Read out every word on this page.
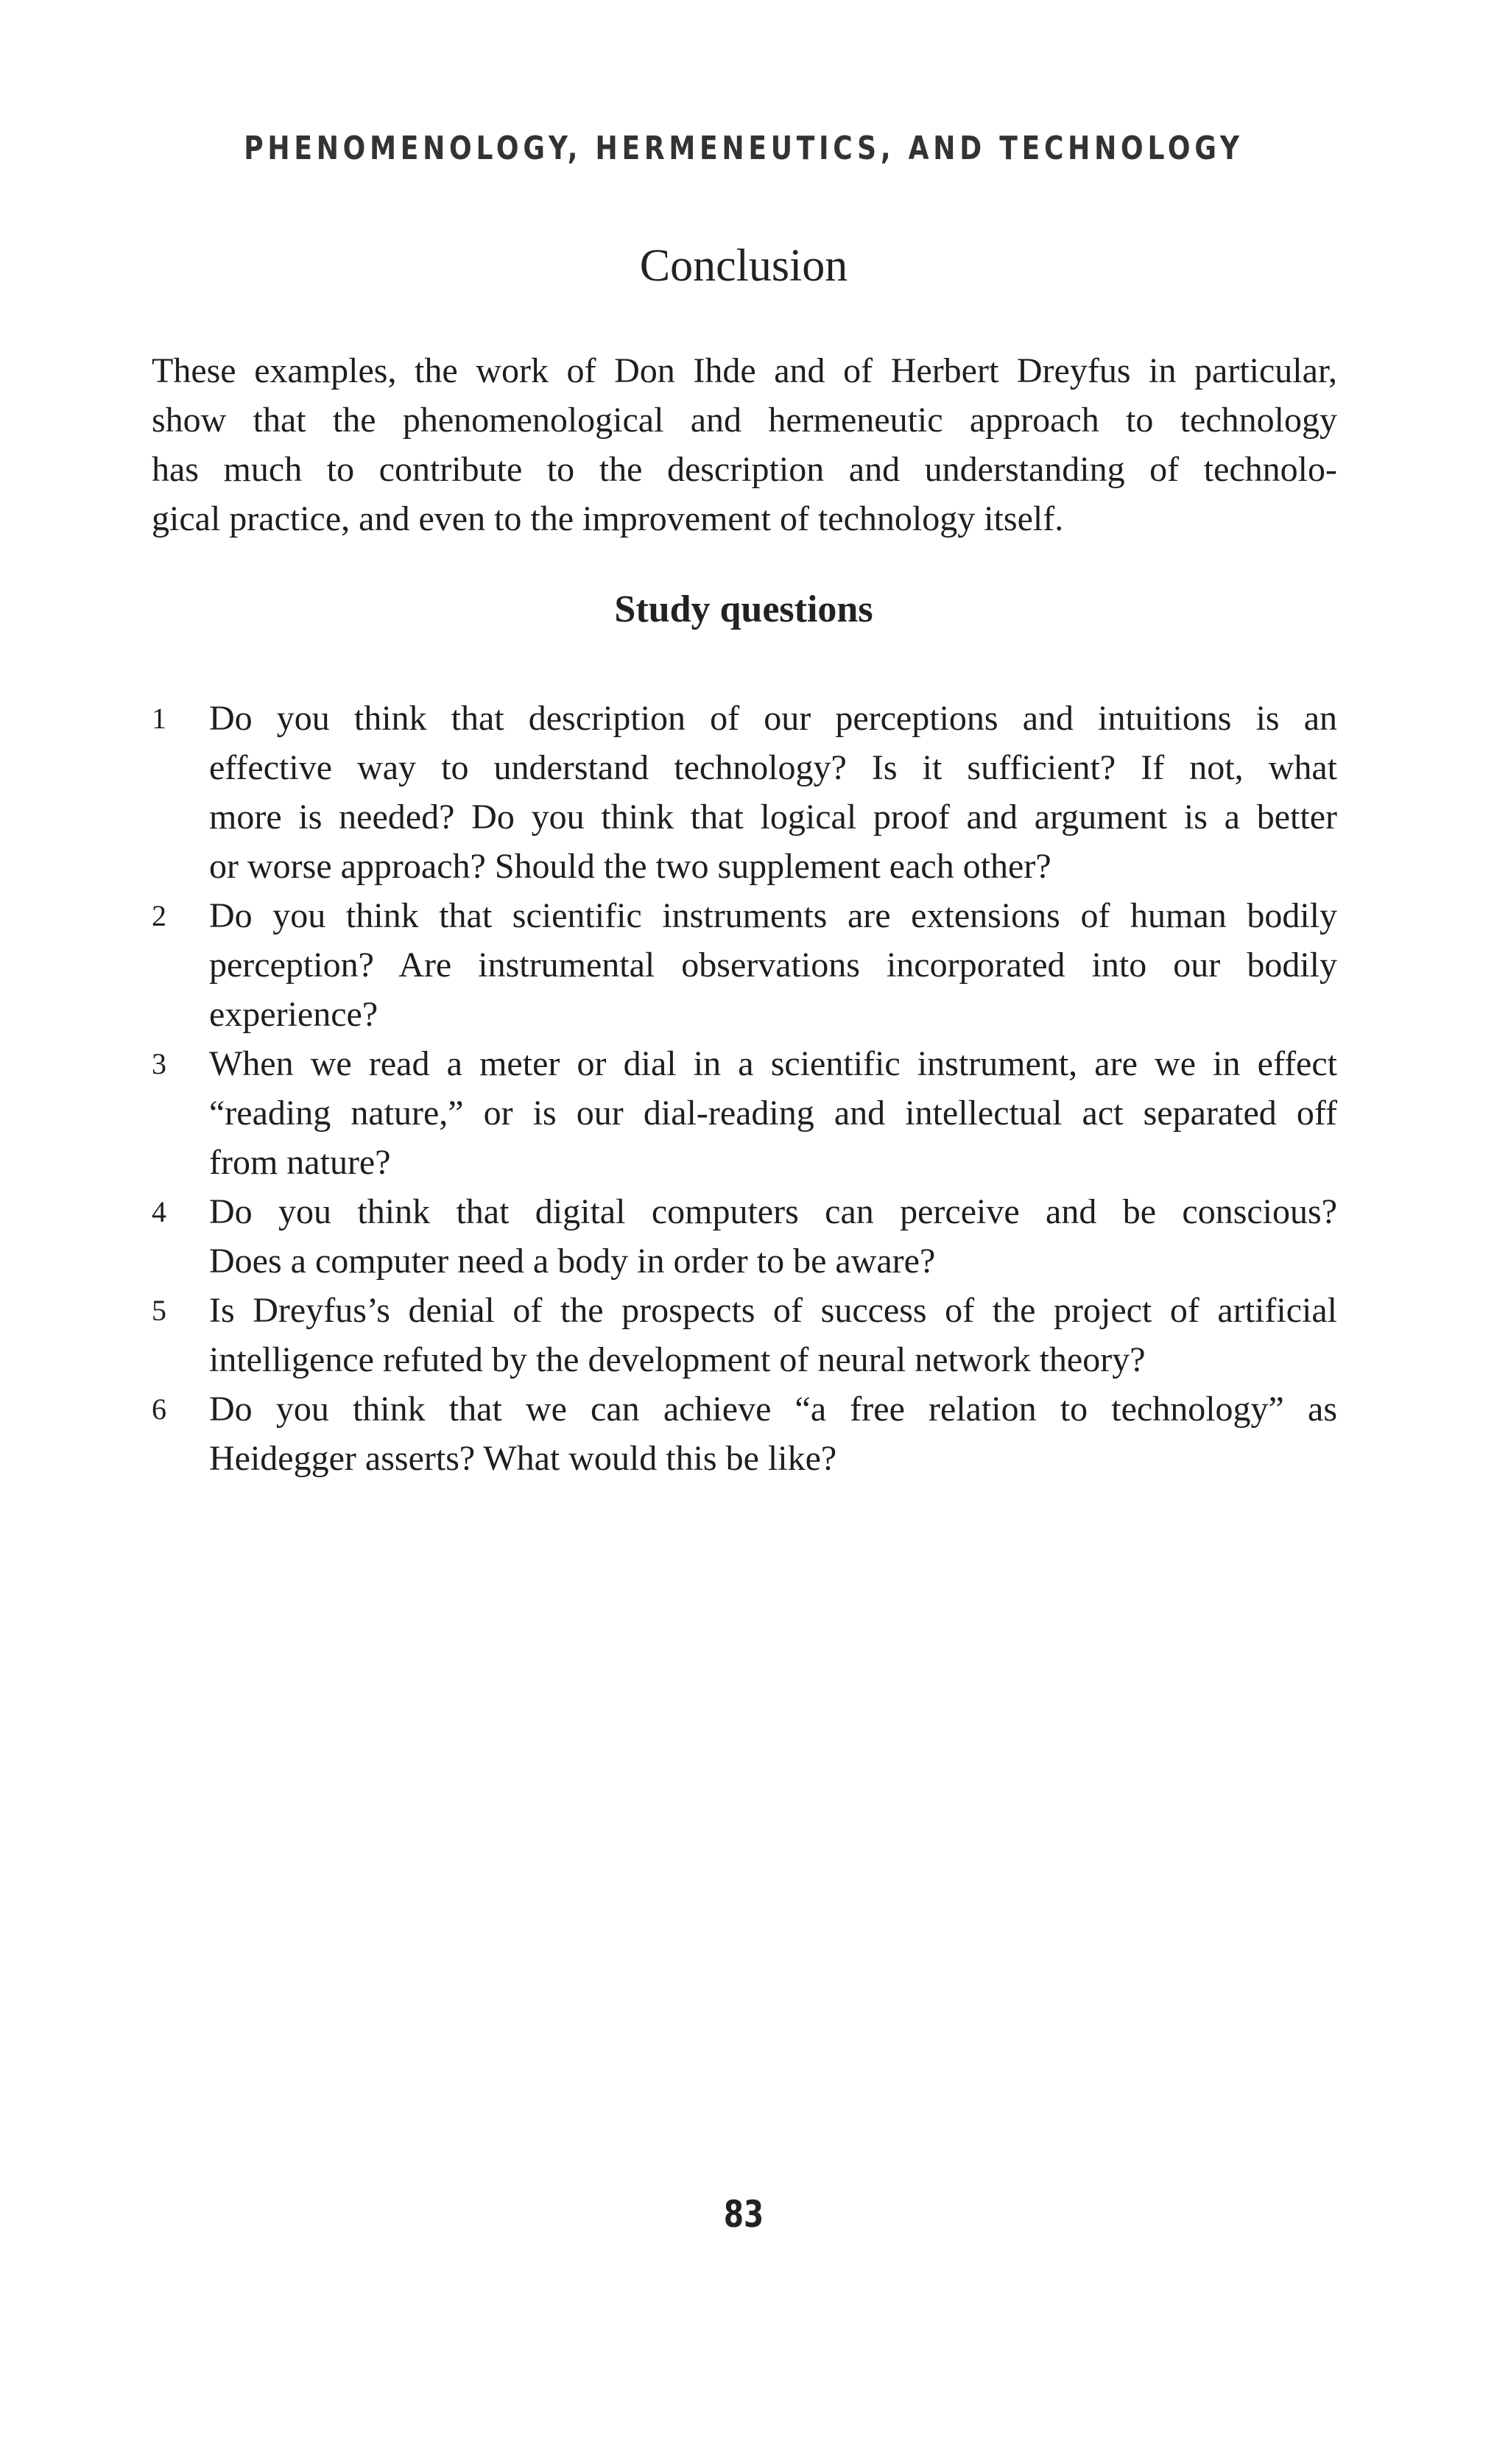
PHENOMENOLOGY, HERMENEUTICS, AND TECHNOLOGY
Conclusion

These examples, the work of Don Ihde and of Herbert Dreyfus in particular,
show that the phenomenological and hermeneutic approach to technology
has much to contribute to the description and understanding of technolo-
gical practice, and even to the improvement of technology itself.

Study questions
1	Do you think that description of our perceptions and intuitions is an
effective way to understand technology? Is it sufficient? If not, what
more is needed? Do you think that logical proof and argument is a better
or worse approach? Should the two supplement each other?
2	Do you think that scientific instruments are extensions of human bodily
perception? Are instrumental observations incorporated into our bodily
experience?
3	When we read a meter or dial in a scientific instrument, are we in effect
“reading nature,” or is our dial-reading and intellectual act separated off
from nature?
4	Do you think that digital computers can perceive and be conscious?
Does a computer need a body in order to be aware?
5	Is Dreyfus’s denial of the prospects of success of the project of artificial
intelligence refuted by the development of neural network theory?
6	Do you think that we can achieve “a free relation to technology” as
Heidegger asserts? What would this be like?
83
